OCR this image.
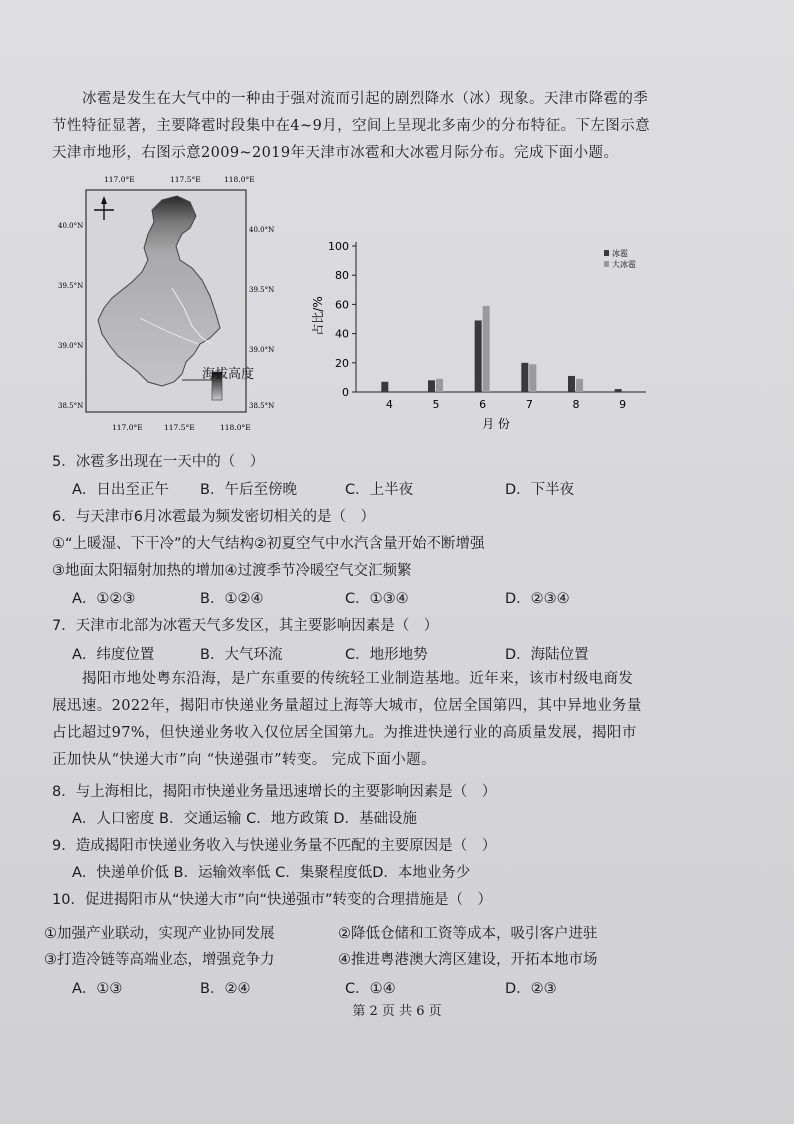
冰雹是发生在大气中的一种由于强对流而引起的剧烈降水（冰）现象。天津市降雹的季节性特征显著，主要降雹时段集中在4~9月，空间上呈现北多南少的分布特征。下左图示意天津市地形，右图示意2009~2019年天津市冰雹和大冰雹月际分布。完成下面小题。

117.0°E	117.5°E	118.0°E
117.0°E	117.5°E	118.0°E
40.0°N
39.5°N
39.0°N
38.5°N
40.0°N
39.5°N
39.0°N
38.5°N
海拔高度
0
20
40
60
80
100
4	5	6	7	8	9
冰雹
大冰雹
月 份
占比/%
5．冰雹多出现在一天中的（　）
A．日出至正午 B．午后至傍晚	C．上半夜	D．下半夜
6．与天津市6月冰雹最为频发密切相关的是（　）
①“上暖湿、下干冷”的大气结构②初夏空气中水汽含量开始不断增强
③地面太阳辐射加热的增加④过渡季节冷暖空气交汇频繁
A．①②③	B．①②④	C．①③④	D．②③④
7．天津市北部为冰雹天气多发区，其主要影响因素是（　）
A．纬度位置	B．大气环流	C．地形地势	D．海陆位置

揭阳市地处粤东沿海，是广东重要的传统轻工业制造基地。近年来，该市村级电商发展迅速。2022年，揭阳市快递业务量超过上海等大城市，位居全国第四，其中异地业务量占比超过97%，但快递业务收入仅位居全国第九。为推进快递行业的高质量发展，揭阳市正加快从“快递大市”向 “快递强市”转变。 完成下面小题。

8．与上海相比，揭阳市快递业务量迅速增长的主要影响因素是（　）
A．人口密度 B．交通运输 C．地方政策 D．基础设施
9．造成揭阳市快递业务收入与快递业务量不匹配的主要原因是（　）
A．快递单价低 B．运输效率低 C．集聚程度低D．本地业务少
10．促进揭阳市从“快递大市”向“快递强市”转变的合理措施是（　）
①加强产业联动，实现产业协同发展	②降低仓储和工资等成本，吸引客户进驻
③打造冷链等高端业态，增强竞争力	④推进粤港澳大湾区建设，开拓本地市场
A．①③	B．②④	C．①④	D．②③
第 2 页 共 6 页
